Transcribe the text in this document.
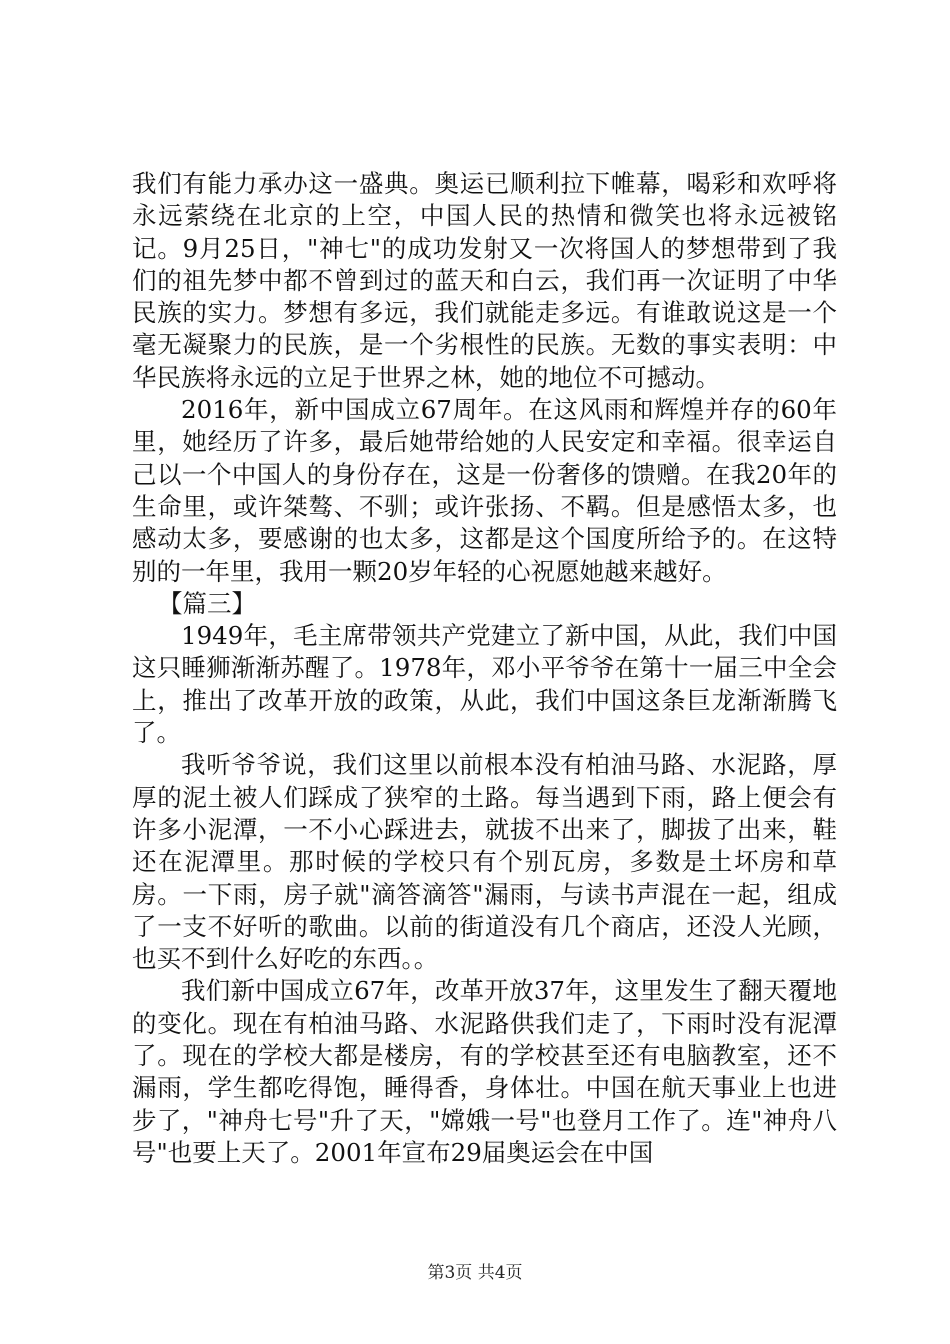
我们有能力承办这一盛典。奥运已顺利拉下帷幕，喝彩和欢呼将永远萦绕在北京的上空，中国人民的热情和微笑也将永远被铭记。9月25日，"神七"的成功发射又一次将国人的梦想带到了我们的祖先梦中都不曾到过的蓝天和白云，我们再一次证明了中华民族的实力。梦想有多远，我们就能走多远。有谁敢说这是一个毫无凝聚力的民族，是一个劣根性的民族。无数的事实表明：中华民族将永远的立足于世界之林，她的地位不可撼动。

2016年，新中国成立67周年。在这风雨和辉煌并存的60年里，她经历了许多，最后她带给她的人民安定和幸福。很幸运自己以一个中国人的身份存在，这是一份奢侈的馈赠。在我20年的生命里，或许桀骜、不驯；或许张扬、不羁。但是感悟太多，也感动太多，要感谢的也太多，这都是这个国度所给予的。在这特别的一年里，我用一颗20岁年轻的心祝愿她越来越好。

【篇三】

1949年，毛主席带领共产党建立了新中国，从此，我们中国这只睡狮渐渐苏醒了。1978年，邓小平爷爷在第十一届三中全会上，推出了改革开放的政策，从此，我们中国这条巨龙渐渐腾飞了。

我听爷爷说，我们这里以前根本没有柏油马路、水泥路，厚厚的泥土被人们踩成了狭窄的土路。每当遇到下雨，路上便会有许多小泥潭，一不小心踩进去，就拔不出来了，脚拔了出来，鞋还在泥潭里。那时候的学校只有个别瓦房，多数是土坏房和草房。一下雨，房子就"滴答滴答"漏雨，与读书声混在一起，组成了一支不好听的歌曲。以前的街道没有几个商店，还没人光顾，也买不到什么好吃的东西。。

我们新中国成立67年，改革开放37年，这里发生了翻天覆地的变化。现在有柏油马路、水泥路供我们走了，下雨时没有泥潭了。现在的学校大都是楼房，有的学校甚至还有电脑教室，还不漏雨，学生都吃得饱，睡得香，身体壮。中国在航天事业上也进步了，"神舟七号"升了天，"嫦娥一号"也登月工作了。连"神舟八号"也要上天了。2001年宣布29届奥运会在中国

第3页 共4页
